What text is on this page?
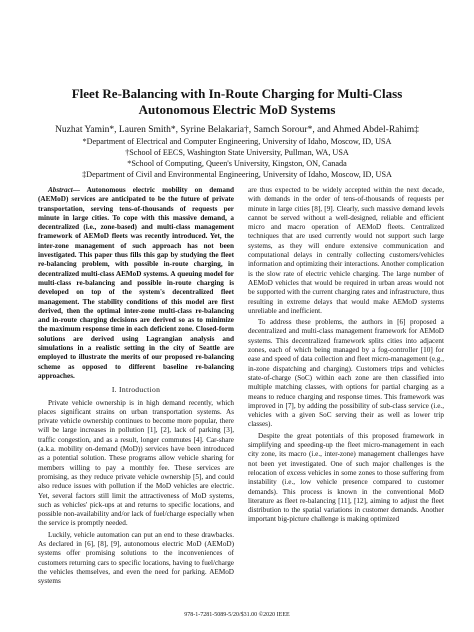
Fleet Re-Balancing with In-Route Charging for Multi-Class Autonomous Electric MoD Systems
Nuzhat Yamin*, Lauren Smith*, Syrine Belakaria†, Samch Sorour*, and Ahmed Abdel-Rahim‡
*Department of Electrical and Computer Engineering, University of Idaho, Moscow, ID, USA
†School of EECS, Washington State University, Pullman, WA, USA
*School of Computing, Queen's University, Kingston, ON, Canada
‡Department of Civil and Environmental Engineering, University of Idaho, Moscow, ID, USA

Abstract— Autonomous electric mobility on demand (AEMoD) services are anticipated to be the future of private transportation, serving tens-of-thousands of requests per minute in large cities. To cope with this massive demand, a decentralized (i.e., zone-based) and multi-class management framework of AEMoD fleets was recently introduced. Yet, the inter-zone management of such approach has not been investigated. This paper thus fills this gap by studying the fleet re-balancing problem, with possible in-route charging, in decentralized multi-class AEMoD systems. A queuing model for multi-class re-balancing and possible in-route charging is developed on top of the system's decentralized fleet management. The stability conditions of this model are first derived, then the optimal inter-zone multi-class re-balancing and in-route charging decisions are derived so as to minimize the maximum response time in each deficient zone. Closed-form solutions are derived using Lagrangian analysis and simulations in a realistic setting in the city of Seattle are employed to illustrate the merits of our proposed re-balancing scheme as opposed to different baseline re-balancing approaches.

I. Introduction

Private vehicle ownership is in high demand recently, which places significant strains on urban transportation systems. As private vehicle ownership continues to become more popular, there will be large increases in pollution [1], [2], lack of parking [3], traffic congestion, and as a result, longer commutes [4]. Car-share (a.k.a. mobility on-demand (MoD)) services have been introduced as a potential solution. These programs allow vehicle sharing for members willing to pay a monthly fee. These services are promising, as they reduce private vehicle ownership [5], and could also reduce issues with pollution if the MoD vehicles are electric. Yet, several factors still limit the attractiveness of MoD systems, such as vehicles' pick-ups at and returns to specific locations, and possible non-availability and/or lack of fuel/charge especially when the service is promptly needed.

Luckily, vehicle automation can put an end to these drawbacks. As declared in [6], [8], [9], autonomous electric MoD (AEMoD) systems offer promising solutions to the inconveniences of customers returning cars to specific locations, having to fuel/charge the vehicles themselves, and even the need for parking. AEMoD systems

are thus expected to be widely accepted within the next decade, with demands in the order of tens-of-thousands of requests per minute in large cities [8], [9]. Clearly, such massive demand levels cannot be served without a well-designed, reliable and efficient micro and macro operation of AEMoD fleets. Centralized techniques that are used currently would not support such large systems, as they will endure extensive communication and computational delays in centrally collecting customers/vehicles information and optimizing their interactions. Another complication is the slow rate of electric vehicle charging. The large number of AEMoD vehicles that would be required in urban areas would not be supported with the current charging rates and infrastructure, thus resulting in extreme delays that would make AEMoD systems unreliable and inefficient.

To address these problems, the authors in [6] proposed a decentralized and multi-class management framework for AEMoD systems. This decentralized framework splits cities into adjacent zones, each of which being managed by a fog-controller [10] for ease and speed of data collection and fleet micro-management (e.g., in-zone dispatching and charging). Customers trips and vehicles state-of-charge (SoC) within each zone are then classified into multiple matching classes, with options for partial charging as a means to reduce charging and response times. This framework was improved in [7], by adding the possibility of sub-class service (i.e., vehicles with a given SoC serving their as well as lower trip classes).

Despite the great potentials of this proposed framework in simplifying and speeding-up the fleet micro-management in each city zone, its macro (i.e., inter-zone) management challenges have not been yet investigated. One of such major challenges is the relocation of excess vehicles in some zones to those suffering from instability (i.e., low vehicle presence compared to customer demands). This process is known in the conventional MoD literature as fleet re-balancing [11], [12], aiming to adjust the fleet distribution to the spatial variations in customer demands. Another important big-picture challenge is making optimized

978-1-7281-5089-5/20/$31.00 ©2020 IEEE
